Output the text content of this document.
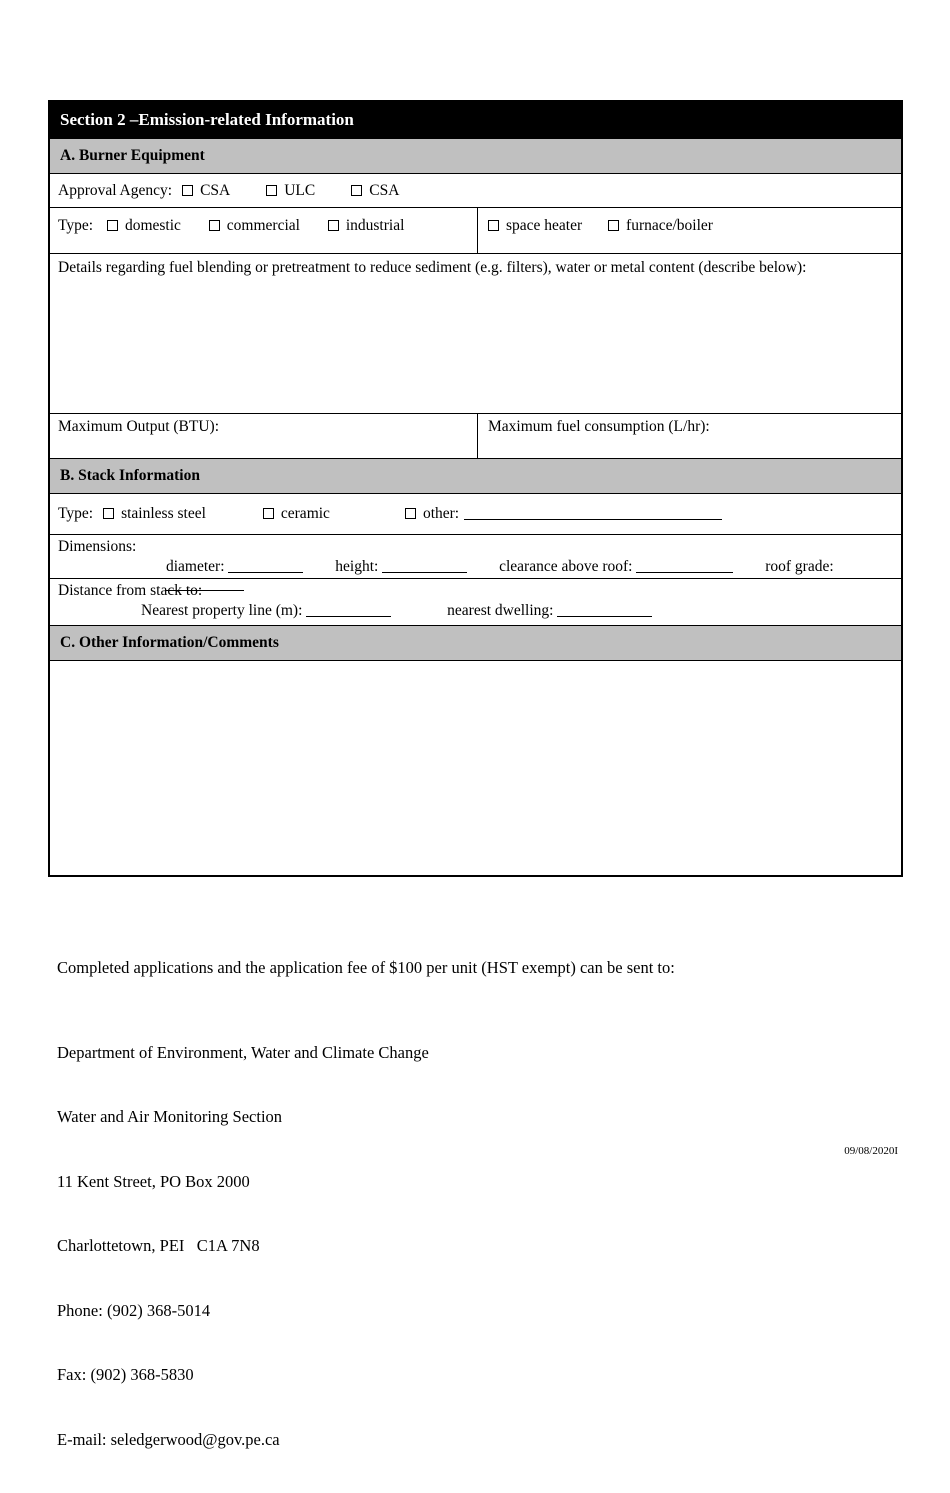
Section 2 –Emission-related Information
A. Burner Equipment
Approval Agency:	CSA	ULC	CSA
Type: domestic	commercial	industrial	space heater	furnace/boiler
Details regarding fuel blending or pretreatment to reduce sediment (e.g. filters), water or metal content (describe below):
Maximum Output (BTU):	Maximum fuel consumption (L/hr):
B. Stack Information
Type:	stainless steel	ceramic	other:
Dimensions:
diameter:	height:	clearance above roof:	roof grade:
Distance from stack to:
Nearest property line (m):	nearest dwelling:
C. Other Information/Comments

Completed applications and the application fee of $100 per unit (HST exempt) can be sent to:

Department of Environment, Water and Climate Change

Water and Air Monitoring Section

11 Kent Street, PO Box 2000

Charlottetown, PEI   C1A 7N8

Phone: (902) 368-5014

Fax: (902) 368-5830

E-mail: seledgerwood@gov.pe.ca

09/08/2020I
